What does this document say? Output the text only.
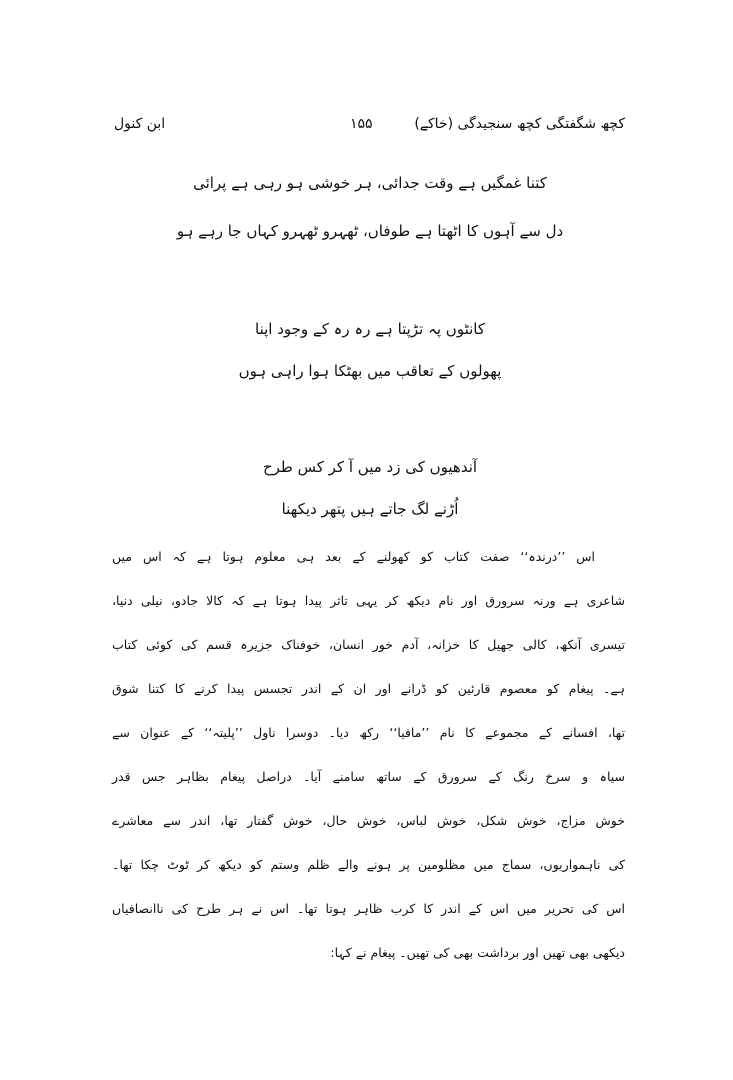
کچھ شگفتگی کچھ سنجیدگی (خاکے)
۱۵۵
ابن کنول
کتنا غمگیں ہے وقت جدائی، ہر خوشی ہو رہی ہے پرائی
دل سے آہوں کا اٹھتا ہے طوفاں، ٹھہرو ٹھہرو کہاں جا رہے ہو
کانٹوں پہ تڑپتا ہے رہ رہ کے وجود اپنا
پھولوں کے تعاقب میں بھٹکا ہوا راہی ہوں
آندھیوں کی زد میں آ کر کس طرح
اُڑنے لگ جاتے ہیں پتھر دیکھنا
اس ’’درندہ‘‘ صفت کتاب کو کھولنے کے بعد ہی معلوم ہوتا ہے کہ اس میں
شاعری ہے ورنہ سرورق اور نام دیکھ کر یہی تاثر پیدا ہوتا ہے کہ کالا جادو، نیلی دنیا،
تیسری آنکھ، کالی جھیل کا خزانہ، آدم خور انسان، خوفناک جزیرہ قسم کی کوئی کتاب
ہے۔ پیغام کو معصوم قارئین کو ڈرانے اور ان کے اندر تجسس پیدا کرنے کا کتنا شوق
تھا، افسانے کے مجموعے کا نام ’’مافیا‘‘ رکھ دیا۔ دوسرا ناول ’’پلیتہ‘‘ کے عنوان سے
سیاہ و سرخ رنگ کے سرورق کے ساتھ سامنے آیا۔ دراصل پیغام بظاہر جس قدر
خوش مزاج، خوش شکل، خوش لباس، خوش حال، خوش گفتار تھا، اندر سے معاشرے
کی ناہمواریوں، سماج میں مظلومین پر ہونے والے ظلم وستم کو دیکھ کر ٹوٹ چکا تھا۔
اس کی تحریر میں اس کے اندر کا کرب ظاہر ہوتا تھا۔ اس نے ہر طرح کی ناانصافیاں
دیکھی بھی تھیں اور برداشت بھی کی تھیں۔ پیغام نے کہا:
